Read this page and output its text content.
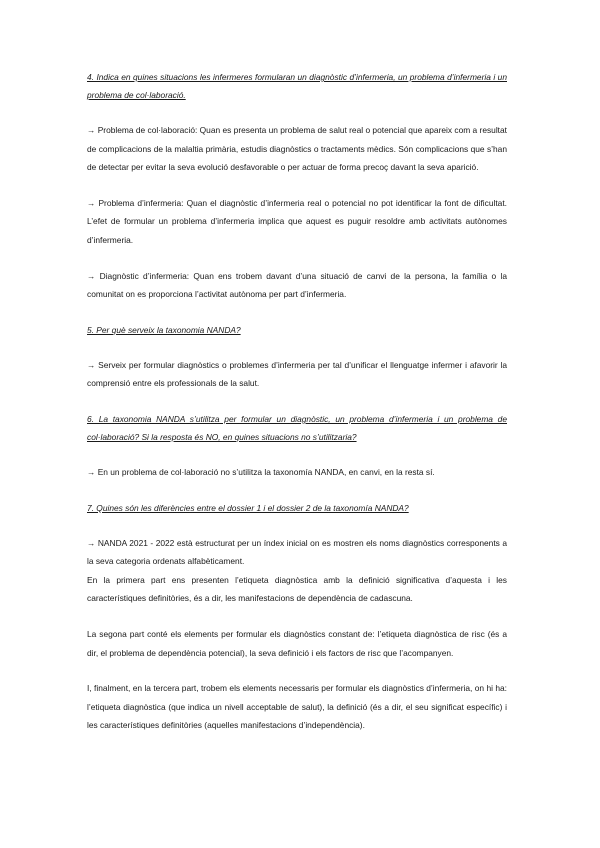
4. Indica en quines situacions les infermeres formularan un diagnòstic d’infermeria, un problema d’infermeria i un problema de col·laboració.

→ Problema de col·laboració: Quan es presenta un problema de salut real o potencial que apareix com a resultat de complicacions de la malaltia primària, estudis diagnòstics o tractaments mèdics. Són complicacions que s’han de detectar per evitar la seva evolució desfavorable o per actuar de forma precoç davant la seva aparició.

→ Problema d’infermeria: Quan el diagnòstic d’infermeria real o potencial no pot identificar la font de dificultat. L’efet de formular un problema d’infermeria implica que aquest es puguir resoldre amb activitats autònomes d’infermeria.

→ Diagnòstic d’infermeria: Quan ens trobem davant d’una situació de canvi de la persona, la família o la comunitat on es proporciona l’activitat autònoma per part d’infermeria.

5. Per què serveix la taxonomia NANDA?

→ Serveix per formular diagnòstics o problemes d’infermeria per tal d’unificar el llenguatge infermer i afavorir la comprensió entre els professionals de la salut.

6. La taxonomia NANDA s’utilitza per formular un diagnòstic, un problema d’infermeria i un problema de col·laboració? Si la resposta és NO, en quines situacions no s’utilitzaria?

→ En un problema de col·laboració no s’utilitza la taxonomía NANDA, en canvi, en la resta sí.

7. Quines són les diferències entre el dossier 1 i el dossier 2 de la taxonomía NANDA?

→ NANDA 2021 - 2022 està estructurat per un índex inicial on es mostren els noms diagnòstics corresponents a la seva categoria ordenats alfabèticament.

En la primera part ens presenten l’etiqueta diagnòstica amb la definició significativa d’aquesta i les característiques definitòries, és a dir, les manifestacions de dependència de cadascuna.

La segona part conté els elements per formular els diagnòstics constant de: l’etiqueta diagnòstica de risc (és a dir, el problema de dependència potencial), la seva definició i els factors de risc que l’acompanyen.

I, finalment, en la tercera part, trobem els elements necessaris per formular els diagnòstics d’infermeria, on hi ha: l’etiqueta diagnòstica (que indica un nivell acceptable de salut), la definició (és a dir, el seu significat específic) i les característiques definitòries (aquelles manifestacions d’independència).
